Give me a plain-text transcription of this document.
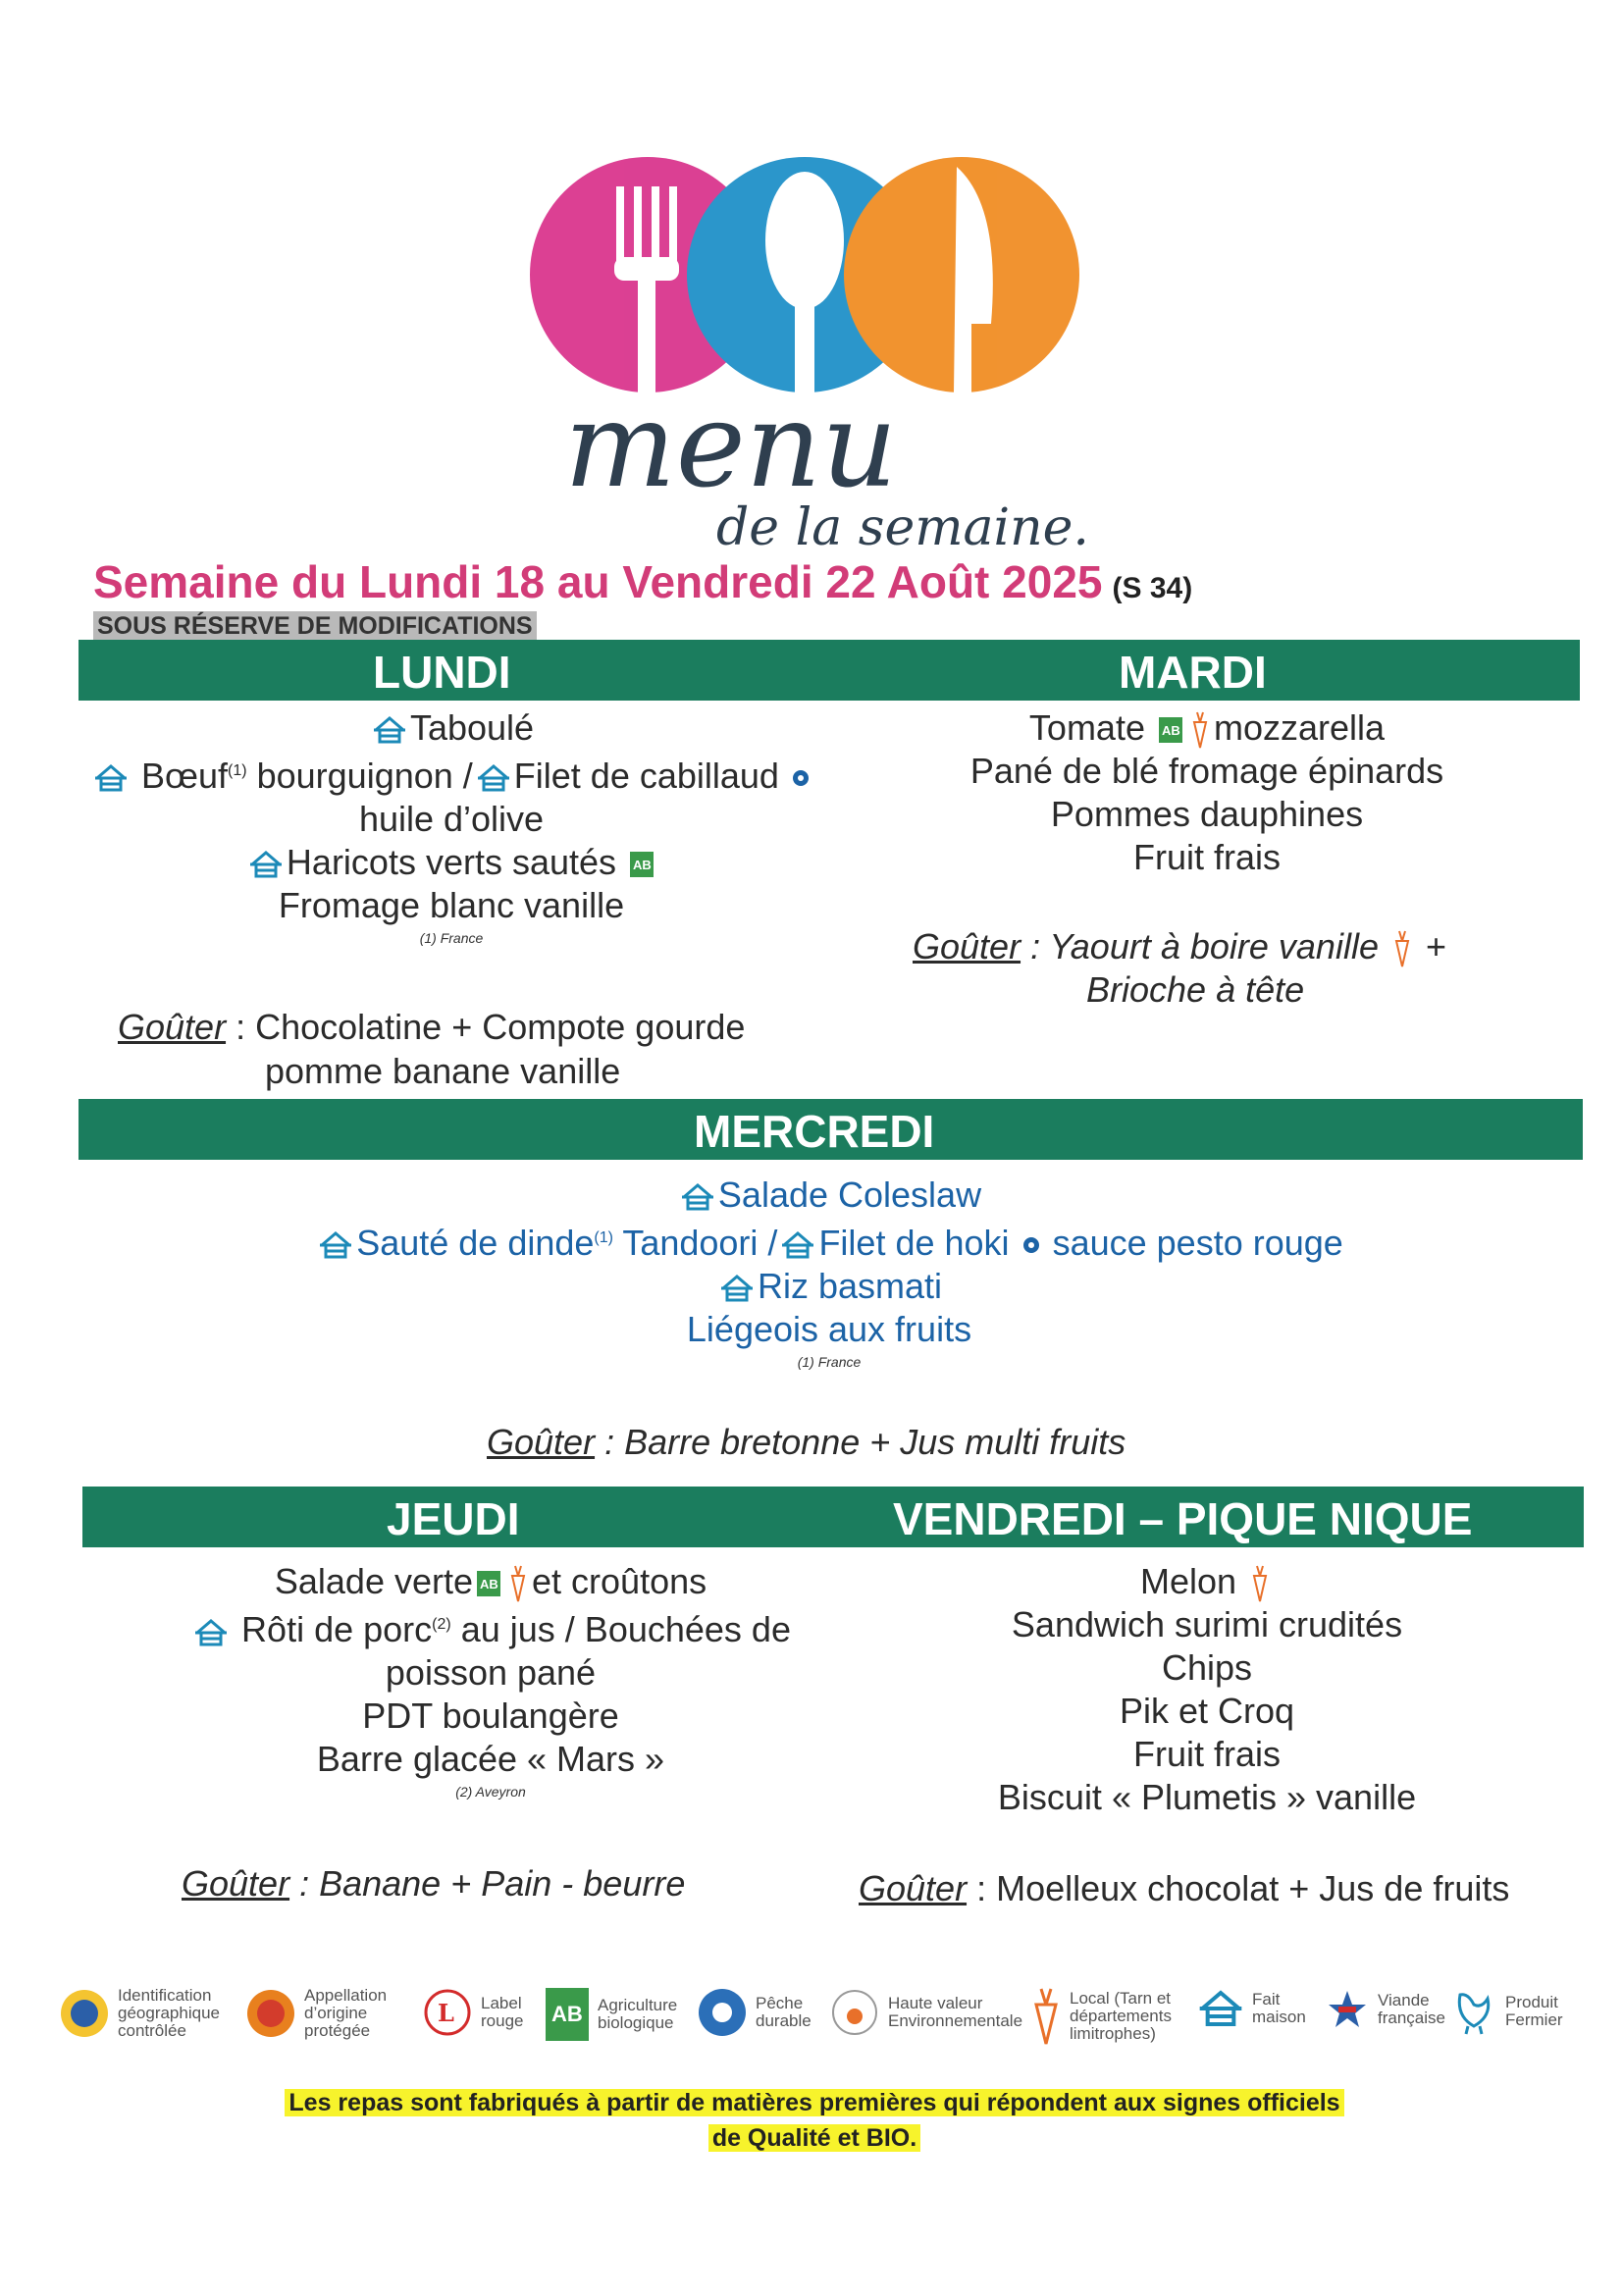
menu
de la semaine.
Semaine du Lundi 18 au Vendredi 22 Août 2025 (S 34)
SOUS RÉSERVE DE MODIFICATIONS
LUNDI	MARDI
Taboulé
Bœuf$^{(1)}$ bourguignon / Filet de cabillaud
huile d’olive
Haricots verts sautés AB
Fromage blanc vanille
(1) France
Goûter : Chocolatine + Compote gourde
pomme banane vanille
Tomate AB mozzarella
Pané de blé fromage épinards
Pommes dauphines
Fruit frais
Goûter : Yaourt à boire vanille +
Brioche à tête
MERCREDI
Salade Coleslaw
Sauté de dinde$^{(1)}$ Tandoori / Filet de hoki sauce pesto rouge
Riz basmati
Liégeois aux fruits
(1) France
Goûter : Barre bretonne + Jus multi fruits
JEUDI	VENDREDI – PIQUE NIQUE
Salade verte AB et croûtons
Rôti de porc$^{(2)}$ au jus / Bouchées de
poisson pané
PDT boulangère
Barre glacée « Mars »
(2) Aveyron
Goûter : Banane + Pain - beurre
Melon
Sandwich surimi crudités
Chips
Pik et Croq
Fruit frais
Biscuit « Plumetis » vanille
Goûter : Moelleux chocolat + Jus de fruits
Identification
géographique
contrôlée
Appellation
d’origine
protégée
L Label
rouge AB Agriculture
biologique
Pêche
durable
Haute valeur
Environnementale
Local (Tarn et
départements
limitrophes)
Fait
maison
Viande
française
Produit
Fermier
Les repas sont fabriqués à partir de matières premières qui répondent aux signes officiels
de Qualité et BIO.
